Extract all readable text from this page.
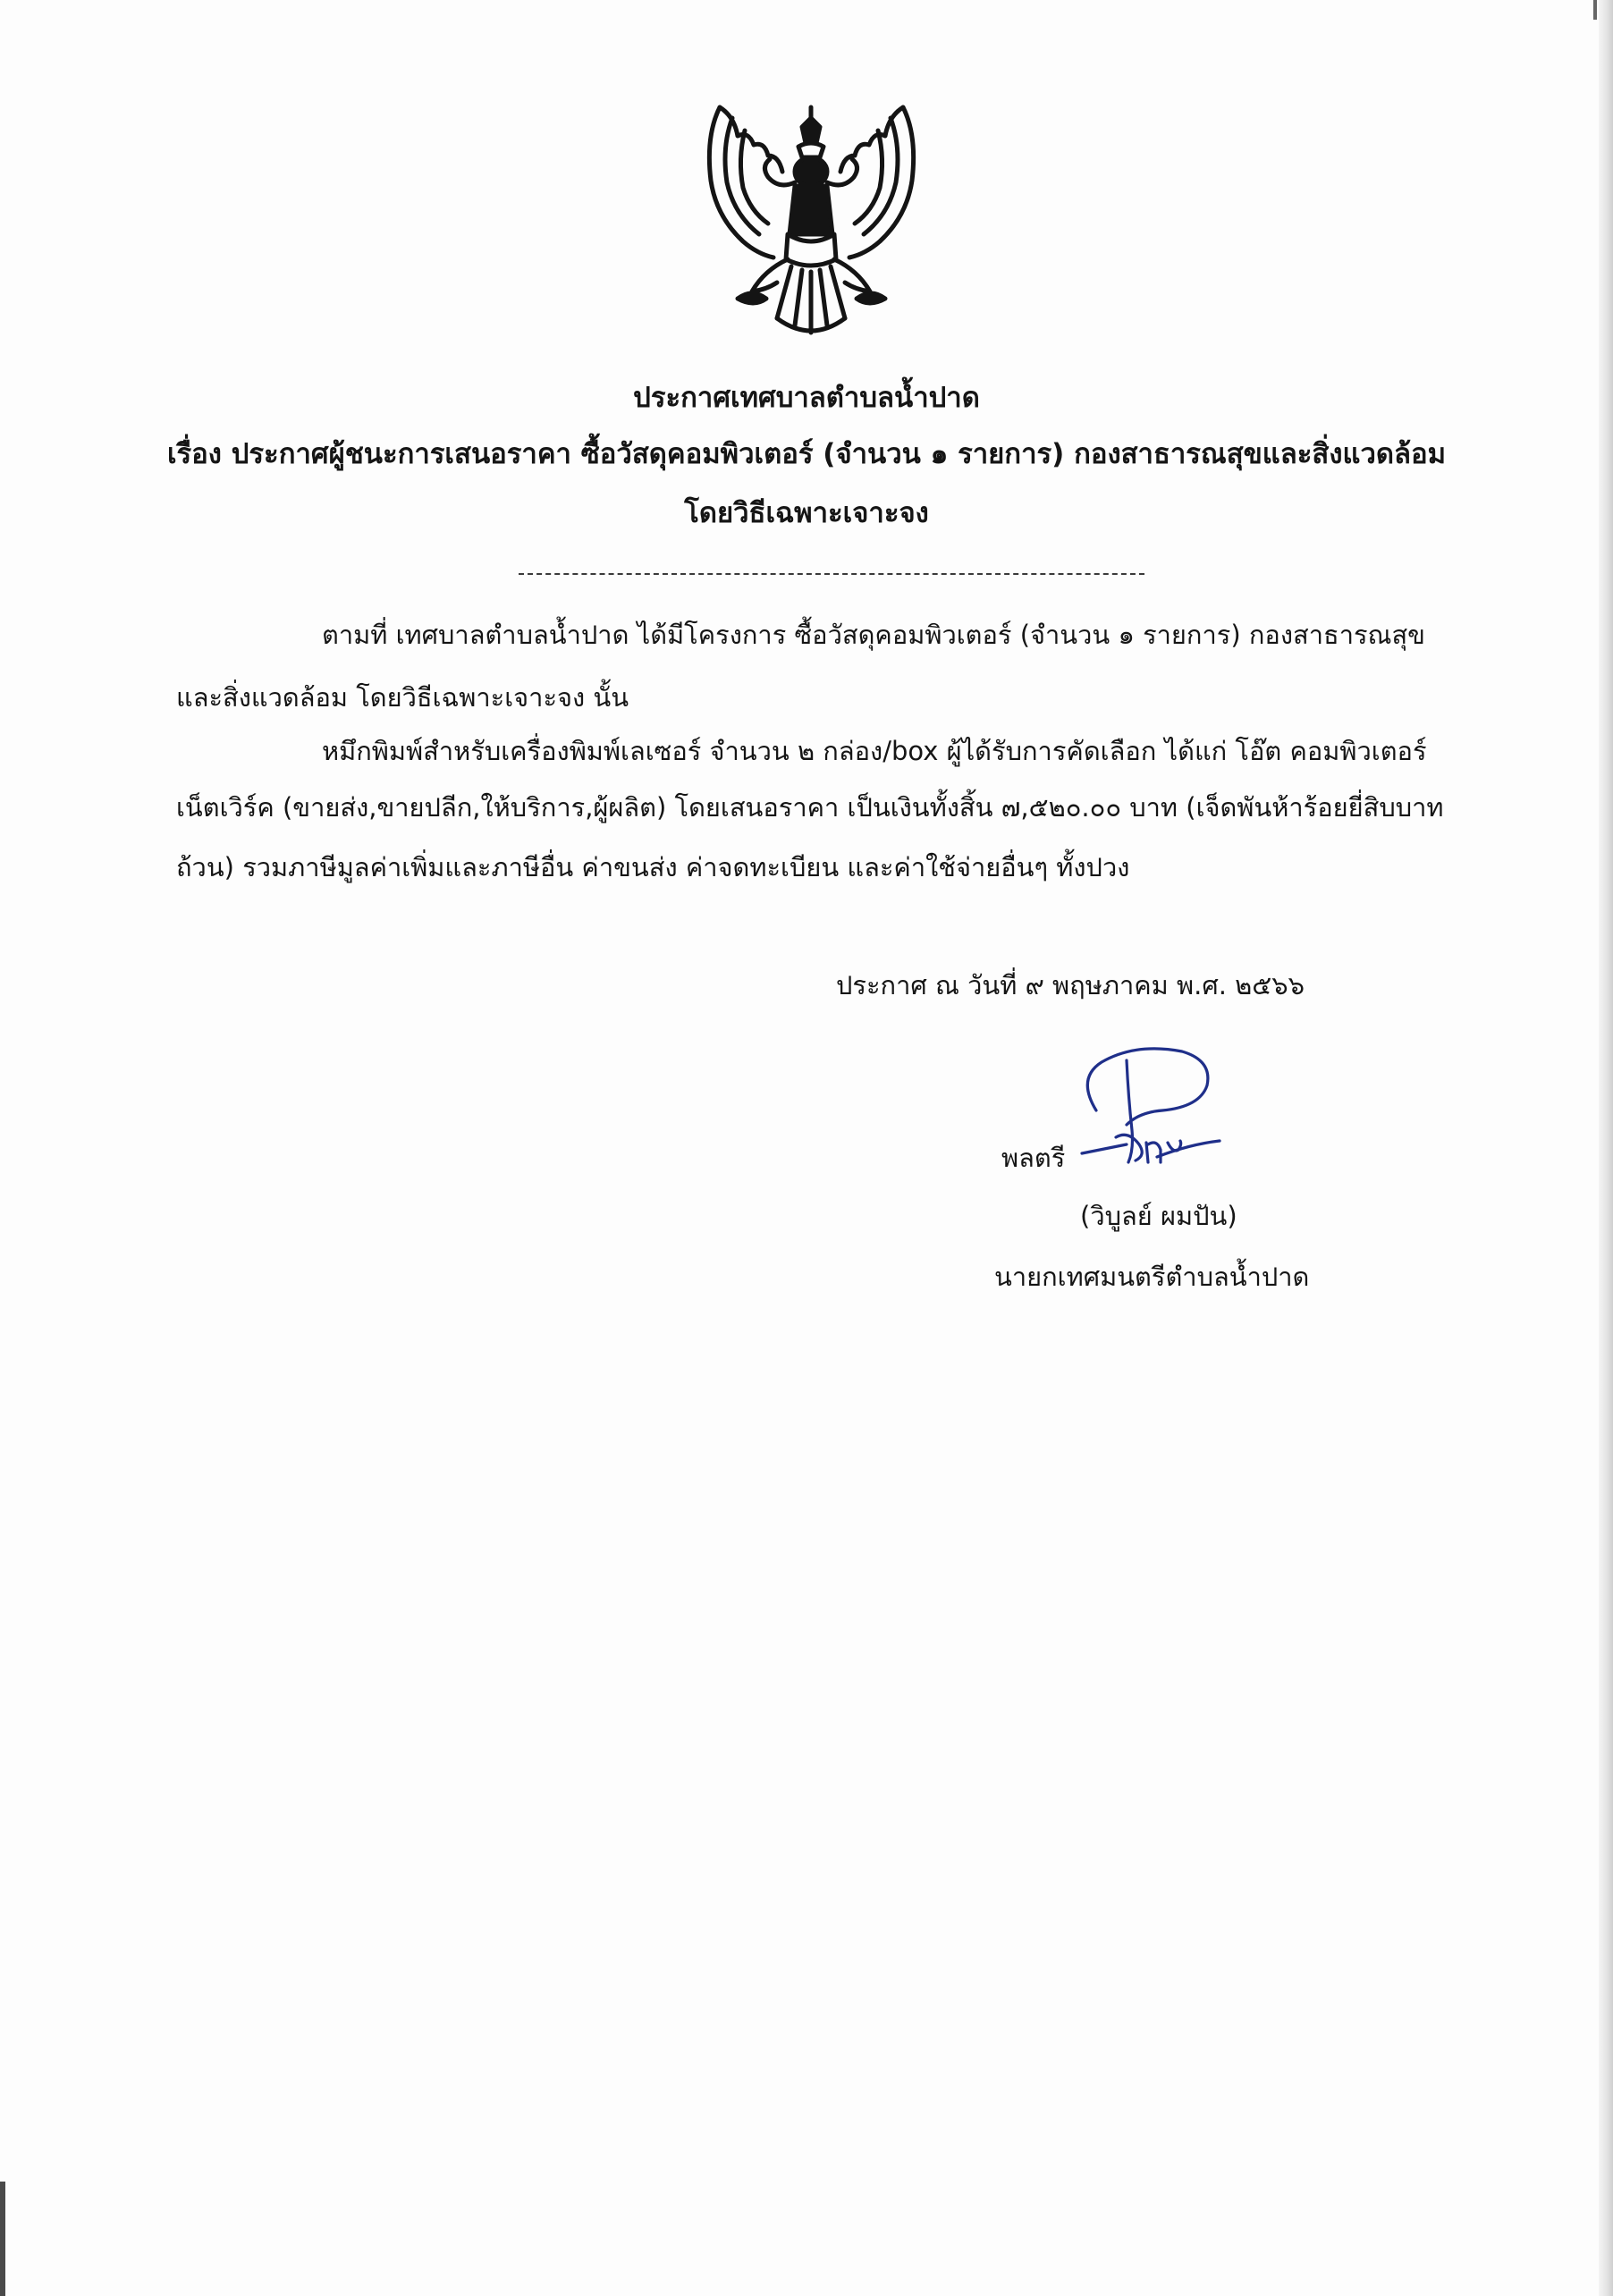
ประกาศเทศบาลตำบลน้ำปาด
เรื่อง ประกาศผู้ชนะการเสนอราคา ซื้อวัสดุคอมพิวเตอร์ (จำนวน ๑ รายการ) กองสาธารณสุขและสิ่งแวดล้อม
โดยวิธีเฉพาะเจาะจง
ตามที่ เทศบาลตำบลน้ำปาด ได้มีโครงการ ซื้อวัสดุคอมพิวเตอร์ (จำนวน ๑ รายการ) กองสาธารณสุข
และสิ่งแวดล้อม โดยวิธีเฉพาะเจาะจง นั้น
หมึกพิมพ์สำหรับเครื่องพิมพ์เลเซอร์ จำนวน ๒ กล่อง/box ผู้ได้รับการคัดเลือก ได้แก่ โอ๊ต คอมพิวเตอร์
เน็ตเวิร์ค (ขายส่ง,ขายปลีก,ให้บริการ,ผู้ผลิต) โดยเสนอราคา เป็นเงินทั้งสิ้น ๗,๕๒๐.๐๐ บาท (เจ็ดพันห้าร้อยยี่สิบบาท
ถ้วน) รวมภาษีมูลค่าเพิ่มและภาษีอื่น ค่าขนส่ง ค่าจดทะเบียน และค่าใช้จ่ายอื่นๆ ทั้งปวง
ประกาศ ณ วันที่ ๙ พฤษภาคม พ.ศ. ๒๕๖๖
พลตรี
(วิบูลย์ ผมปัน)
นายกเทศมนตรีตำบลน้ำปาด
